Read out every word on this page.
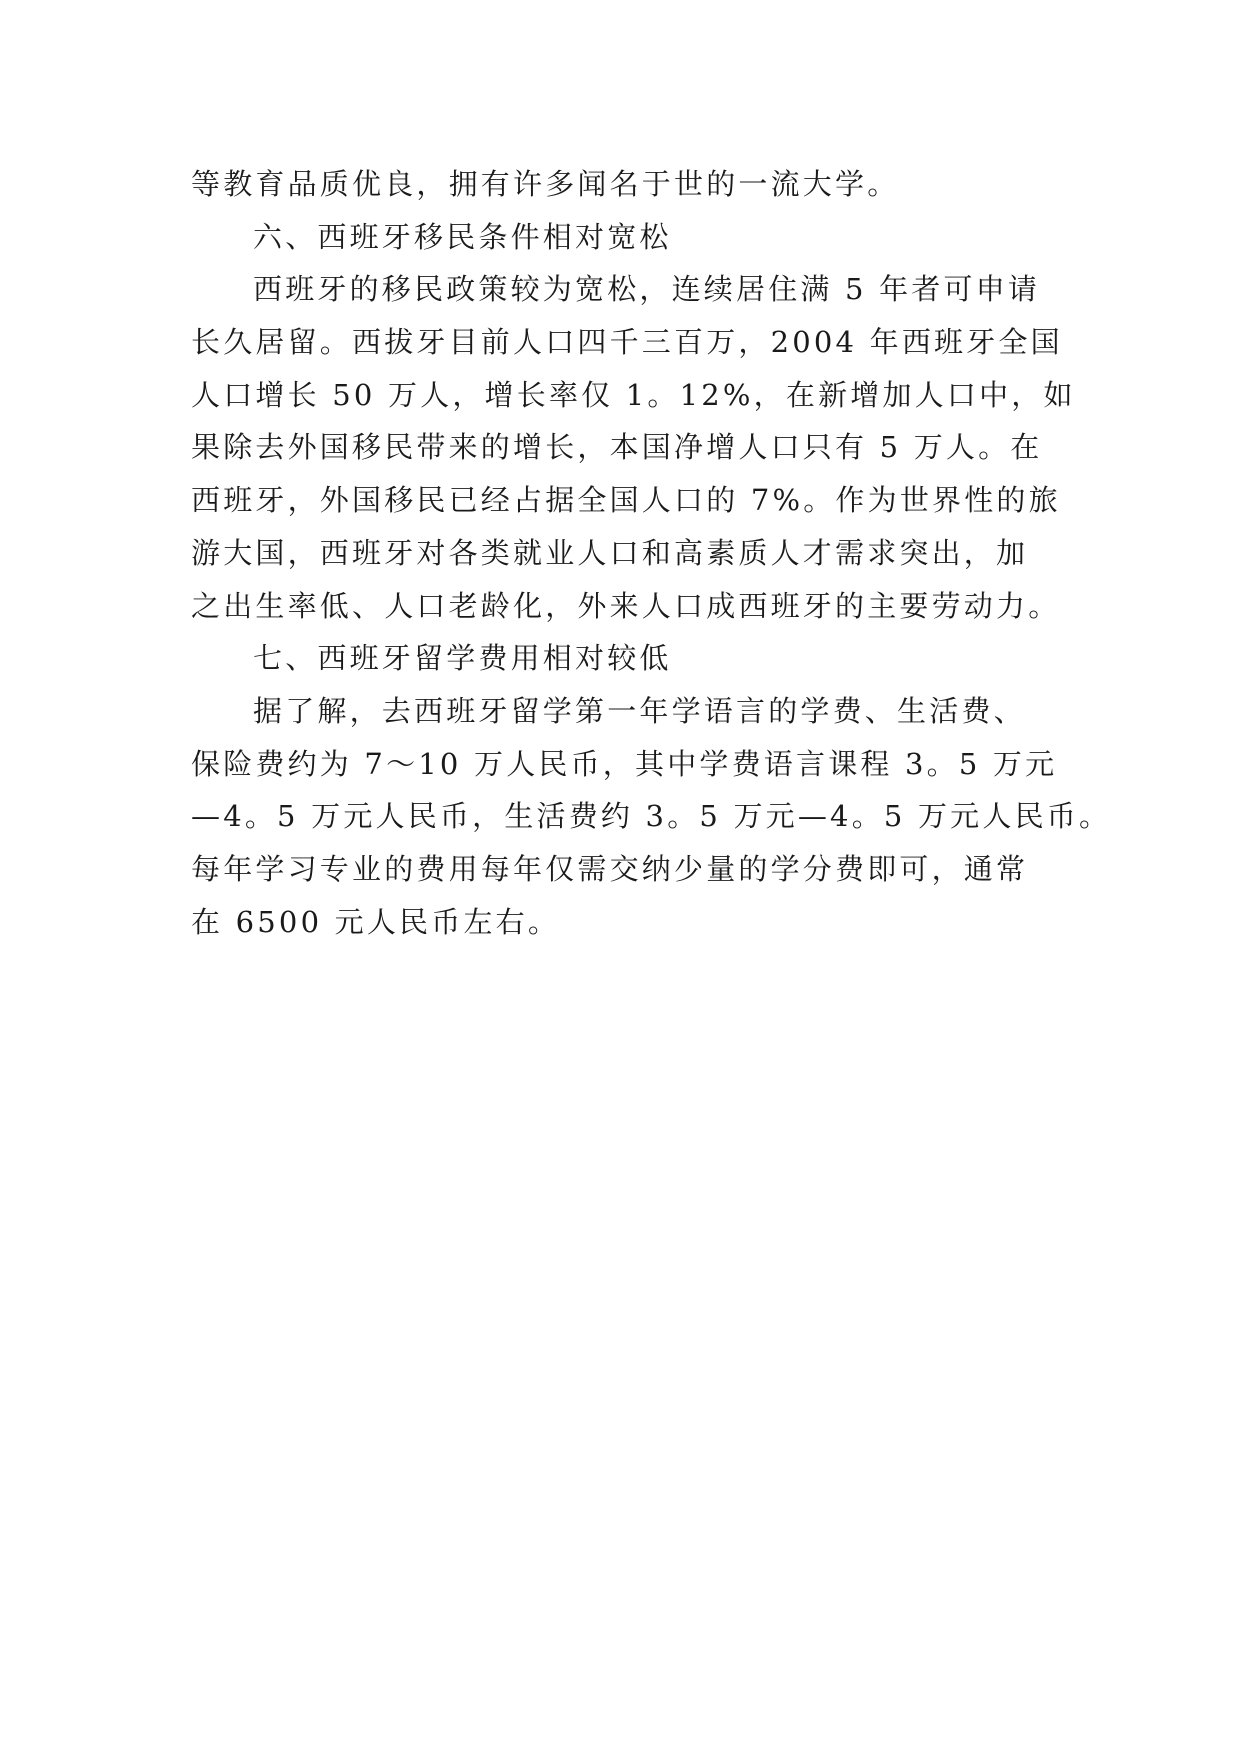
等教育品质优良，拥有许多闻名于世的一流大学。
六、西班牙移民条件相对宽松
西班牙的移民政策较为宽松，连续居住满 5 年者可申请
长久居留。西拔牙目前人口四千三百万，2004 年西班牙全国
人口增长 50 万人，增长率仅 1。12%，在新增加人口中，如
果除去外国移民带来的增长，本国净增人口只有 5 万人。在
西班牙，外国移民已经占据全国人口的 7%。作为世界性的旅
游大国，西班牙对各类就业人口和高素质人才需求突出，加
之出生率低、人口老龄化，外来人口成西班牙的主要劳动力。
七、西班牙留学费用相对较低
据了解，去西班牙留学第一年学语言的学费、生活费、
保险费约为 7～10 万人民币，其中学费语言课程 3。5 万元
—4。5 万元人民币，生活费约 3。5 万元—4。5 万元人民币。
每年学习专业的费用每年仅需交纳少量的学分费即可，通常
在 6500 元人民币左右。
